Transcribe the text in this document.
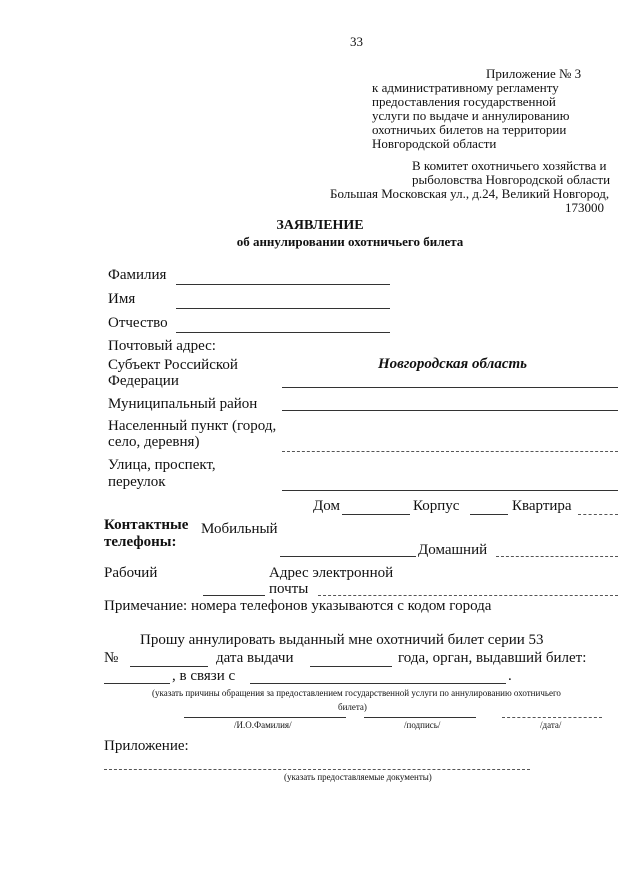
33
Приложение № 3
к административному регламенту
предоставления государственной
услуги по выдаче и аннулированию
охотничьих билетов на территории
Новгородской области
В комитет охотничьего хозяйства и
рыболовства Новгородской области
Большая Московская ул., д.24, Великий Новгород,
173000
ЗАЯВЛЕНИЕ
об аннулировании охотничьего билета
Фамилия
Имя
Отчество
Почтовый адрес:
Субъект Российской
Федерации
Новгородская область
Муниципальный район
Населенный пункт (город,
село, деревня)
Улица, проспект,
переулок
Дом	Корпус	Квартира
Контактные
телефоны:
Мобильный
Домашний
Рабочий	Адрес электронной
почты
Примечание: номера телефонов указываются с кодом города
Прошу аннулировать выданный мне охотничий билет серии 53
№	дата выдачи	года, орган, выдавший билет:
, в связи с	.
(указать причины обращения за предоставлением государственной услуги по аннулированию охотничьего
билета)
/И.О.Фамилия/	/подпись/	/дата/
Приложение:
(указать предоставляемые документы)
